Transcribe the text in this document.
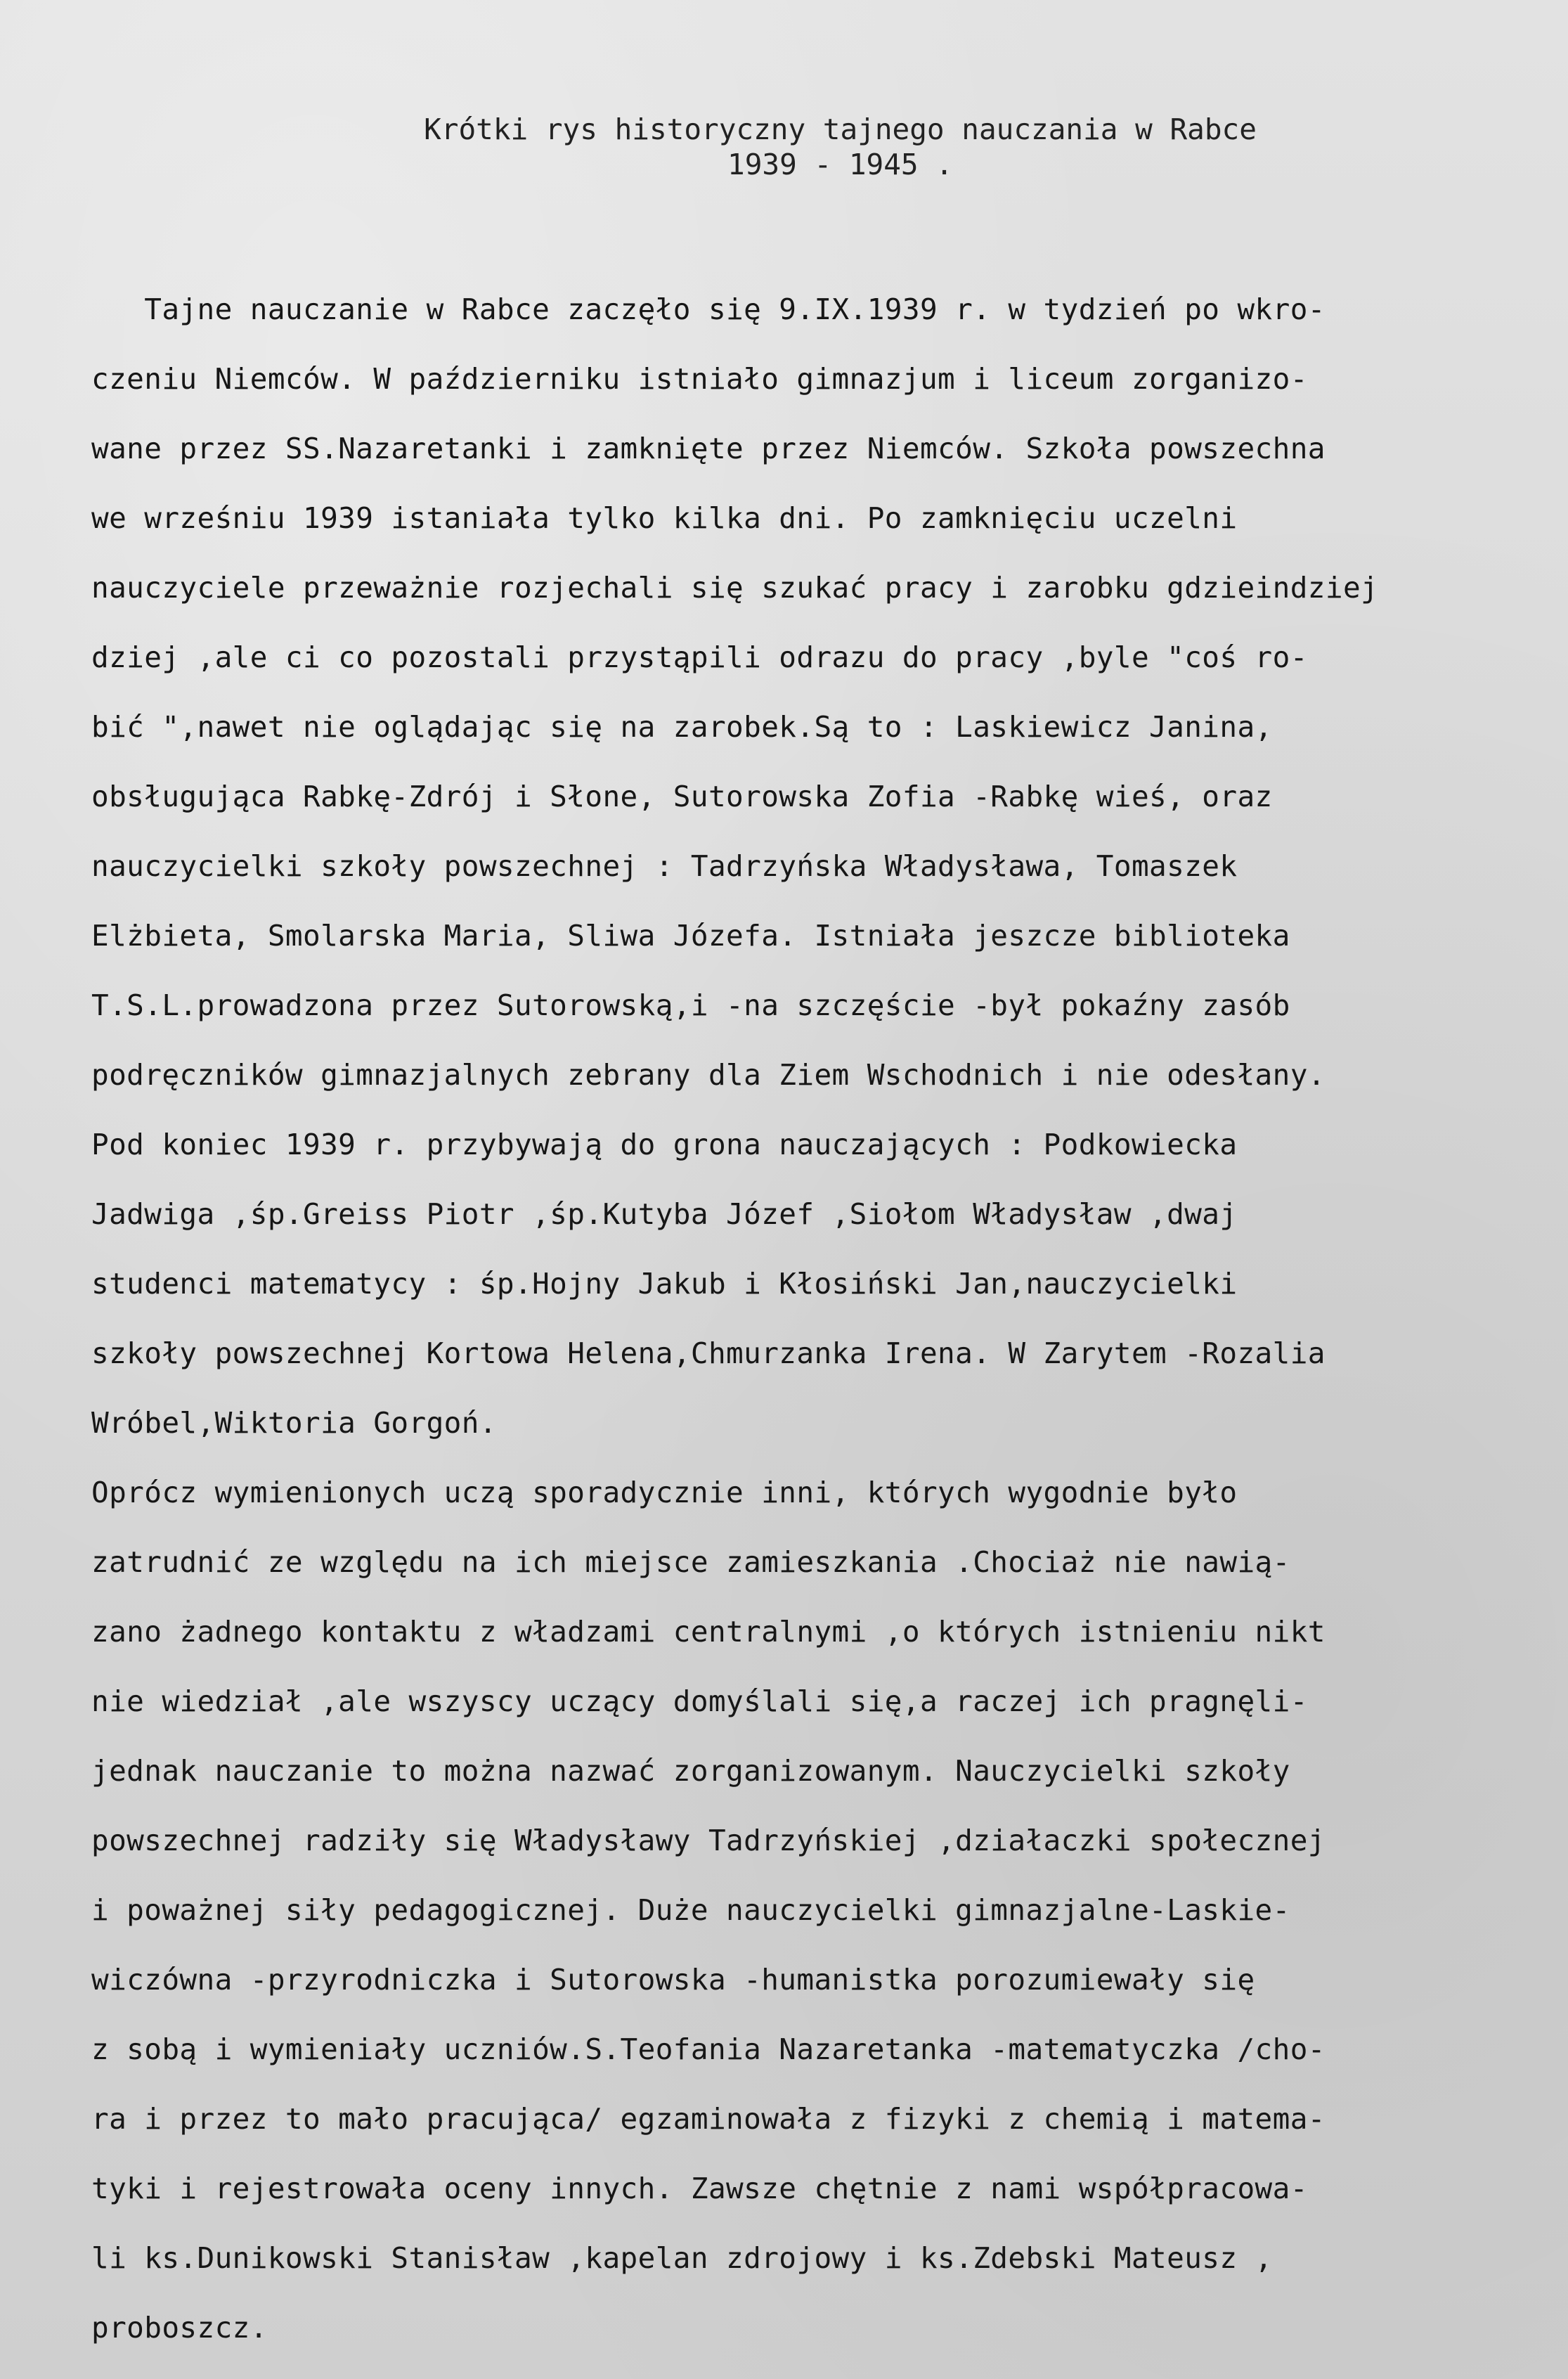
Krótki rys historyczny tajnego nauczania w Rabce
1939 - 1945 .
Tajne nauczanie w Rabce zaczęło się 9.IX.1939 r. w tydzień po wkro-
czeniu Niemców. W październiku istniało gimnazjum i liceum zorganizo-
wane przez SS.Nazaretanki i zamknięte przez Niemców. Szkoła powszechna
we wrześniu 1939 istaniała tylko kilka dni. Po zamknięciu uczelni
nauczyciele przeważnie rozjechali się szukać pracy i zarobku gdzieindziej
dziej ,ale ci co pozostali przystąpili odrazu do pracy ,byle "coś ro-
bić ",nawet nie oglądając się na zarobek.Są to : Laskiewicz Janina,
obsługująca Rabkę-Zdrój i Słone, Sutorowska Zofia -Rabkę wieś, oraz
nauczycielki szkoły powszechnej : Tadrzyńska Władysława, Tomaszek
Elżbieta, Smolarska Maria, Sliwa Józefa. Istniała jeszcze biblioteka
T.S.L.prowadzona przez Sutorowską,i -na szczęście -był pokaźny zasób
podręczników gimnazjalnych zebrany dla Ziem Wschodnich i nie odesłany.
Pod koniec 1939 r. przybywają do grona nauczających : Podkowiecka
Jadwiga ,śp.Greiss Piotr ,śp.Kutyba Józef ,Siołom Władysław ,dwaj
studenci matematycy : śp.Hojny Jakub i Kłosiński Jan,nauczycielki
szkoły powszechnej Kortowa Helena,Chmurzanka Irena. W Zarytem -Rozalia
Wróbel,Wiktoria Gorgoń.
Oprócz wymienionych uczą sporadycznie inni, których wygodnie było
zatrudnić ze względu na ich miejsce zamieszkania .Chociaż nie nawią-
zano żadnego kontaktu z władzami centralnymi ,o których istnieniu nikt
nie wiedział ,ale wszyscy uczący domyślali się,a raczej ich pragnęli-
jednak nauczanie to można nazwać zorganizowanym. Nauczycielki szkoły
powszechnej radziły się Władysławy Tadrzyńskiej ,działaczki społecznej
i poważnej siły pedagogicznej. Duże nauczycielki gimnazjalne-Laskie-
wiczówna -przyrodniczka i Sutorowska -humanistka porozumiewały się
z sobą i wymieniały uczniów.S.Teofania Nazaretanka -matematyczka /cho-
ra i przez to mało pracująca/ egzaminowała z fizyki z chemią i matema-
tyki i rejestrowała oceny innych. Zawsze chętnie z nami współpracowa-
li ks.Dunikowski Stanisław ,kapelan zdrojowy i ks.Zdebski Mateusz ,
proboszcz.
